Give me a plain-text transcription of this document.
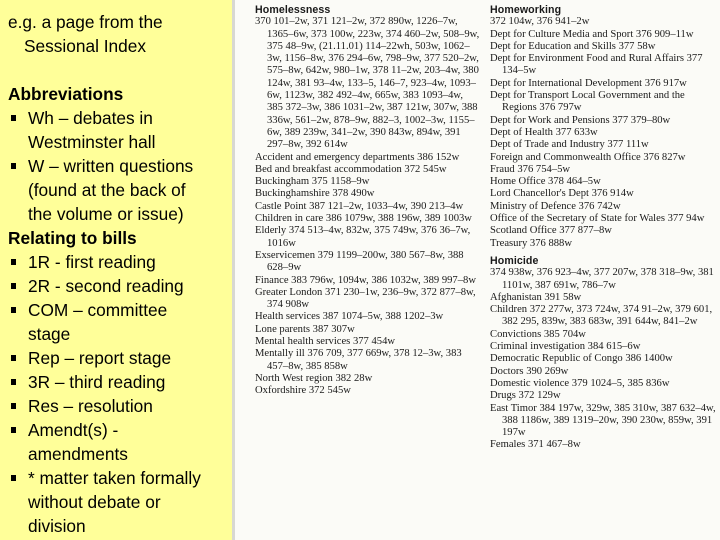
Homelessness
370 101–2w, 371 121–2w, 372 890w, 1226–7w, 1365–6w, 373 100w, 223w, 374 460–2w, 508–9w, 375 48–9w, (21.11.01) 114–22wh, 503w, 1062–3w, 1156–8w, 376 294–6w, 798–9w, 377 520–2w, 575–8w, 642w, 980–1w, 378 11–2w, 203–4w, 380 124w, 381 93–4w, 133–5, 146–7, 923–4w, 1093–6w, 1123w, 382 492–4w, 665w, 383 1093–4w, 385 372–3w, 386 1031–2w, 387 121w, 307w, 388 336w, 561–2w, 878–9w, 882–3, 1002–3w, 1155–6w, 389 239w, 341–2w, 390 843w, 894w, 391 297–8w, 392 614w
Accident and emergency departments 386 152w
Bed and breakfast accommodation 372 545w
Buckingham 375 1158–9w
Buckinghamshire 378 490w
Castle Point 387 121–2w, 1033–4w, 390 213–4w
Children in care 386 1079w, 388 196w, 389 1003w
Elderly 374 513–4w, 832w, 375 749w, 376 36–7w, 1016w
Exservicemen 379 1199–200w, 380 567–8w, 388 628–9w
Finance 383 796w, 1094w, 386 1032w, 389 997–8w
Greater London 371 230–1w, 236–9w, 372 877–8w, 374 908w
Health services 387 1074–5w, 388 1202–3w
Lone parents 387 307w
Mental health services 377 454w
Mentally ill 376 709, 377 669w, 378 12–3w, 383 457–8w, 385 858w
North West region 382 28w
Oxfordshire 372 545w
Homeworking
372 104w, 376 941–2w
Dept for Culture Media and Sport 376 909–11w
Dept for Education and Skills 377 58w
Dept for Environment Food and Rural Affairs 377 134–5w
Dept for International Development 376 917w
Dept for Transport Local Government and the Regions 376 797w
Dept for Work and Pensions 377 379–80w
Dept of Health 377 633w
Dept of Trade and Industry 377 111w
Foreign and Commonwealth Office 376 827w
Fraud 376 754–5w
Home Office 378 464–5w
Lord Chancellor's Dept 376 914w
Ministry of Defence 376 742w
Office of the Secretary of State for Wales 377 94w
Scotland Office 377 877–8w
Treasury 376 888w
Homicide
374 938w, 376 923–4w, 377 207w, 378 318–9w, 381 1101w, 387 691w, 786–7w
Afghanistan 391 58w
Children 372 277w, 373 724w, 374 91–2w, 379 601, 382 295, 839w, 383 683w, 391 644w, 841–2w
Convictions 385 704w
Criminal investigation 384 615–6w
Democratic Republic of Congo 386 1400w
Doctors 390 269w
Domestic violence 379 1024–5, 385 836w
Drugs 372 129w
East Timor 384 197w, 329w, 385 310w, 387 632–4w, 388 1186w, 389 1319–20w, 390 230w, 859w, 391 197w
Females 371 467–8w
e.g. a page from the
Sessional Index
Abbreviations
Wh – debates in
Westminster hall
W – written questions
(found at the back of
the volume or issue)
Relating to bills
1R - first reading
2R - second reading
COM – committee
stage
Rep – report stage
3R – third reading
Res – resolution
Amendt(s) -
amendments
* matter taken formally
without debate or
division
